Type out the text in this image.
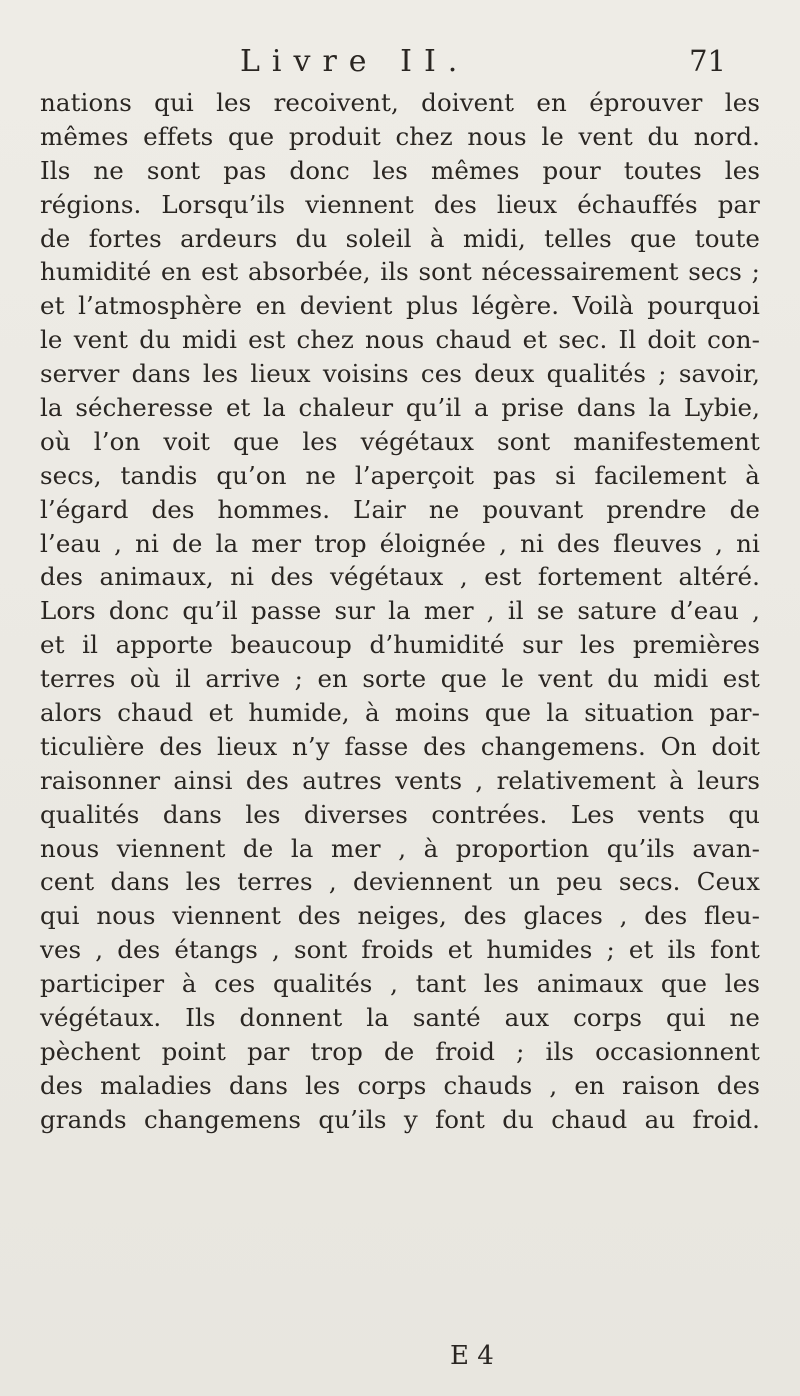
Livre II.	71
nations qui les recoivent, doivent en éprouver les
mêmes effets que produit chez nous le vent du nord.
Ils ne sont pas donc les mêmes pour toutes les
régions. Lorsqu’ils viennent des lieux échauffés par
de fortes ardeurs du soleil à midi, telles que toute
humidité en est absorbée, ils sont nécessairement secs ;
et l’atmosphère en devient plus légère. Voilà pourquoi
le vent du midi est chez nous chaud et sec. Il doit con-
server dans les lieux voisins ces deux qualités ; savoir,
la sécheresse et la chaleur qu’il a prise dans la Lybie,
où l’on voit que les végétaux sont manifestement
secs, tandis qu’on ne l’aperçoit pas si facilement à
l’égard des hommes. L’air ne pouvant prendre de
l’eau , ni de la mer trop éloignée , ni des fleuves , ni
des animaux, ni des végétaux , est fortement altéré.
Lors donc qu’il passe sur la mer , il se sature d’eau ,
et il apporte beaucoup d’humidité sur les premières
terres où il arrive ; en sorte que le vent du midi est
alors chaud et humide, à moins que la situation par-
ticulière des lieux n’y fasse des changemens. On doit
raisonner ainsi des autres vents , relativement à leurs
qualités dans les diverses contrées. Les vents qu
nous viennent de la mer , à proportion qu’ils avan-
cent dans les terres , deviennent un peu secs. Ceux
qui nous viennent des neiges, des glaces , des fleu-
ves , des étangs , sont froids et humides ; et ils font
participer à ces qualités , tant les animaux que les
végétaux. Ils donnent la santé aux corps qui ne
pèchent point par trop de froid ; ils occasionnent
des maladies dans les corps chauds , en raison des
grands changemens qu’ils y font du chaud au froid.
E 4
